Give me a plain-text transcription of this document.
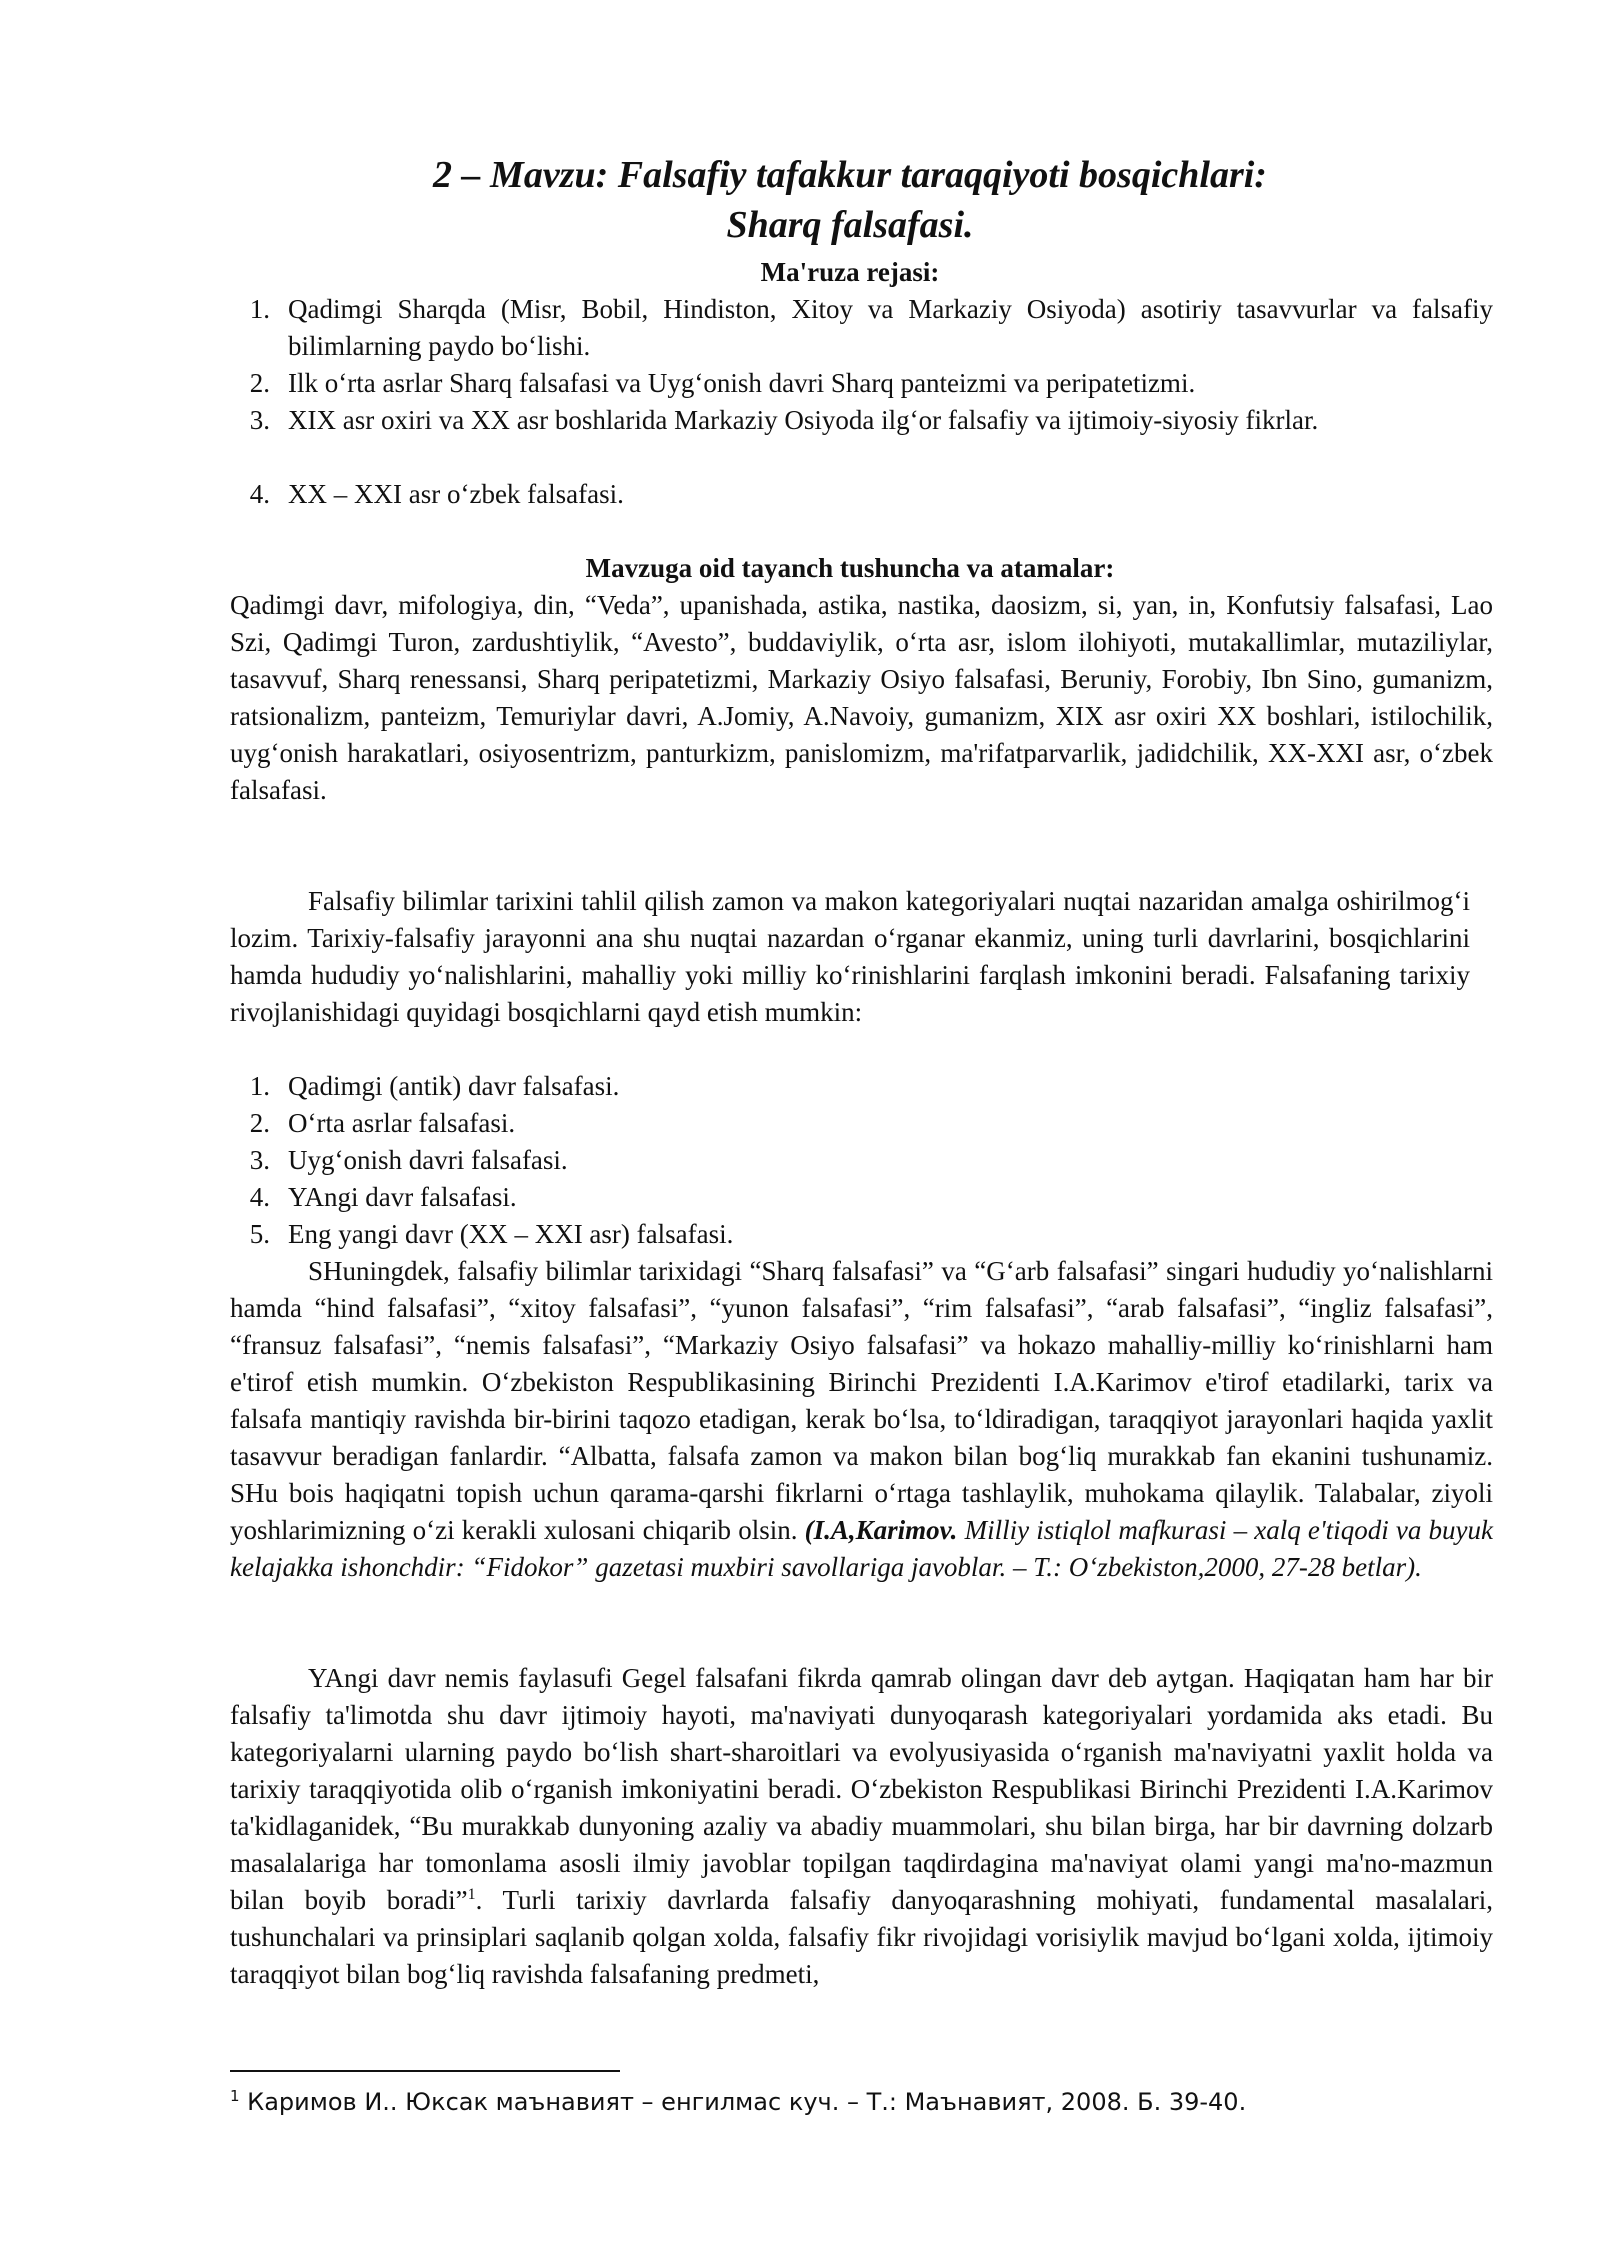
2 – Mavzu: Falsafiy tafakkur taraqqiyoti bosqichlari:
Sharq falsafasi.
Ma'ruza rejasi:
1. Qadimgi Sharqda (Misr, Bobil, Hindiston, Xitoy va Markaziy Osiyoda) asotiriy tasavvurlar va falsafiy bilimlarning paydo bo‘lishi.
2. Ilk o‘rta asrlar Sharq falsafasi va Uyg‘onish davri Sharq panteizmi va peripatetizmi.
3. XIX asr oxiri va XX asr boshlarida Markaziy Osiyoda ilg‘or falsafiy va ijtimoiy-siyosiy fikrlar.
4. XX – XXI asr o‘zbek falsafasi.
Mavzuga oid tayanch tushuncha va atamalar:
Qadimgi davr, mifologiya, din, “Veda”, upanishada, astika, nastika, daosizm, si, yan, in, Konfutsiy falsafasi, Lao Szi, Qadimgi Turon, zardushtiylik, “Avesto”, buddaviylik, o‘rta asr, islom ilohiyoti, mutakallimlar, mutaziliylar, tasavvuf, Sharq renessansi, Sharq peripatetizmi, Markaziy Osiyo falsafasi, Beruniy, Forobiy, Ibn Sino, gumanizm, ratsionalizm, panteizm, Temuriylar davri, A.Jomiy, A.Navoiy, gumanizm, XIX asr oxiri XX boshlari, istilochilik, uyg‘onish harakatlari, osiyosentrizm, panturkizm, panislomizm, ma'rifatparvarlik, jadidchilik, XX-XXI asr, o‘zbek falsafasi.
Falsafiy bilimlar tarixini tahlil qilish zamon va makon kategoriyalari nuqtai nazaridan amalga oshirilmog‘i lozim. Tarixiy-falsafiy jarayonni ana shu nuqtai nazardan o‘rganar ekanmiz, uning turli davrlarini, bosqichlarini hamda hududiy yo‘nalishlarini, mahalliy yoki milliy ko‘rinishlarini farqlash imkonini beradi. Falsafaning tarixiy rivojlanishidagi quyidagi bosqichlarni qayd etish mumkin:
1. Qadimgi (antik) davr falsafasi.
2. O‘rta asrlar falsafasi.
3. Uyg‘onish davri falsafasi.
4. YAngi davr falsafasi.
5. Eng yangi davr (XX – XXI asr) falsafasi.
SHuningdek, falsafiy bilimlar tarixidagi “Sharq falsafasi” va “G‘arb falsafasi” singari hududiy yo‘nalishlarni hamda “hind falsafasi”, “xitoy falsafasi”, “yunon falsafasi”, “rim falsafasi”, “arab falsafasi”, “ingliz falsafasi”, “fransuz falsafasi”, “nemis falsafasi”, “Markaziy Osiyo falsafasi” va hokazo mahalliy-milliy ko‘rinishlarni ham e'tirof etish mumkin. O‘zbekiston Respublikasining Birinchi Prezidenti I.A.Karimov e'tirof etadilarki, tarix va falsafa mantiqiy ravishda bir-birini taqozo etadigan, kerak bo‘lsa, to‘ldiradigan, taraqqiyot jarayonlari haqida yaxlit tasavvur beradigan fanlardir. “Albatta, falsafa zamon va makon bilan bog‘liq murakkab fan ekanini tushunamiz. SHu bois haqiqatni topish uchun qarama-qarshi fikrlarni o‘rtaga tashlaylik, muhokama qilaylik. Talabalar, ziyoli yoshlarimizning o‘zi kerakli xulosani chiqarib olsin. (I.A,Karimov. Milliy istiqlol mafkurasi – xalq e'tiqodi va buyuk kelajakka ishonchdir: “Fidokor” gazetasi muxbiri savollariga javoblar. – T.: O‘zbekiston,2000, 27-28 betlar).
YAngi davr nemis faylasufi Gegel falsafani fikrda qamrab olingan davr deb aytgan. Haqiqatan ham har bir falsafiy ta'limotda shu davr ijtimoiy hayoti, ma'naviyati dunyoqarash kategoriyalari yordamida aks etadi. Bu kategoriyalarni ularning paydo bo‘lish shart-sharoitlari va evolyusiyasida o‘rganish ma'naviyatni yaxlit holda va tarixiy taraqqiyotida olib o‘rganish imkoniyatini beradi. O‘zbekiston Respublikasi Birinchi Prezidenti I.A.Karimov ta'kidlaganidek, “Bu murakkab dunyoning azaliy va abadiy muammolari, shu bilan birga, har bir davrning dolzarb masalalariga har tomonlama asosli ilmiy javoblar topilgan taqdirdagina ma'naviyat olami yangi ma'no-mazmun bilan boyib boradi”$^1$. Turli tarixiy davrlarda falsafiy danyoqarashning mohiyati, fundamental masalalari, tushunchalari va prinsiplari saqlanib qolgan xolda, falsafiy fikr rivojidagi vorisiylik mavjud bo‘lgani xolda, ijtimoiy taraqqiyot bilan bog‘liq ravishda falsafaning predmeti,
$^1$ Каримов И.. Юксак маънавият – енгилмас куч. – Т.: Маънавият, 2008. Б. 39-40.
